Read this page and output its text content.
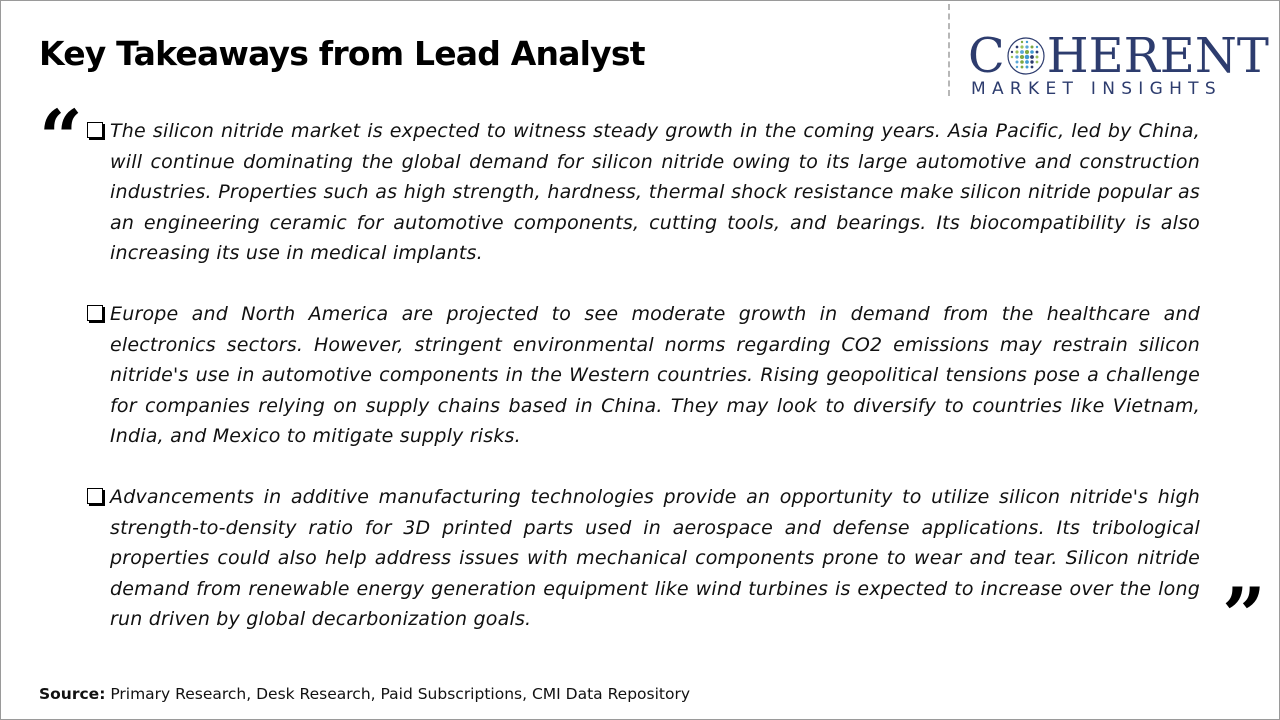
Key Takeaways from Lead Analyst	C HERENT
MARKET INSIGHTS
“ The silicon nitride market is expected to witness steady growth in the coming years. Asia Pacific, led by China, will continue dominating the global demand for silicon nitride owing to its large automotive and construction industries. Properties such as high strength, hardness, thermal shock resistance make silicon nitride popular as an engineering ceramic for automotive components, cutting tools, and bearings. Its biocompatibility is also increasing its use in medical implants.

Europe and North America are projected to see moderate growth in demand from the healthcare and electronics sectors. However, stringent environmental norms regarding CO2 emissions may restrain silicon nitride's use in automotive components in the Western countries. Rising geopolitical tensions pose a challenge for companies relying on supply chains based in China. They may look to diversify to countries like Vietnam, India, and Mexico to mitigate supply risks.

Advancements in additive manufacturing technologies provide an opportunity to utilize silicon nitride's high strength-to-density ratio for 3D printed parts used in aerospace and defense applications. Its tribological properties could also help address issues with mechanical components prone to wear and tear. Silicon nitride demand from renewable energy generation equipment like wind turbines is expected to increase over the long run driven by global decarbonization goals.	”
Source: Primary Research, Desk Research, Paid Subscriptions, CMI Data Repository
